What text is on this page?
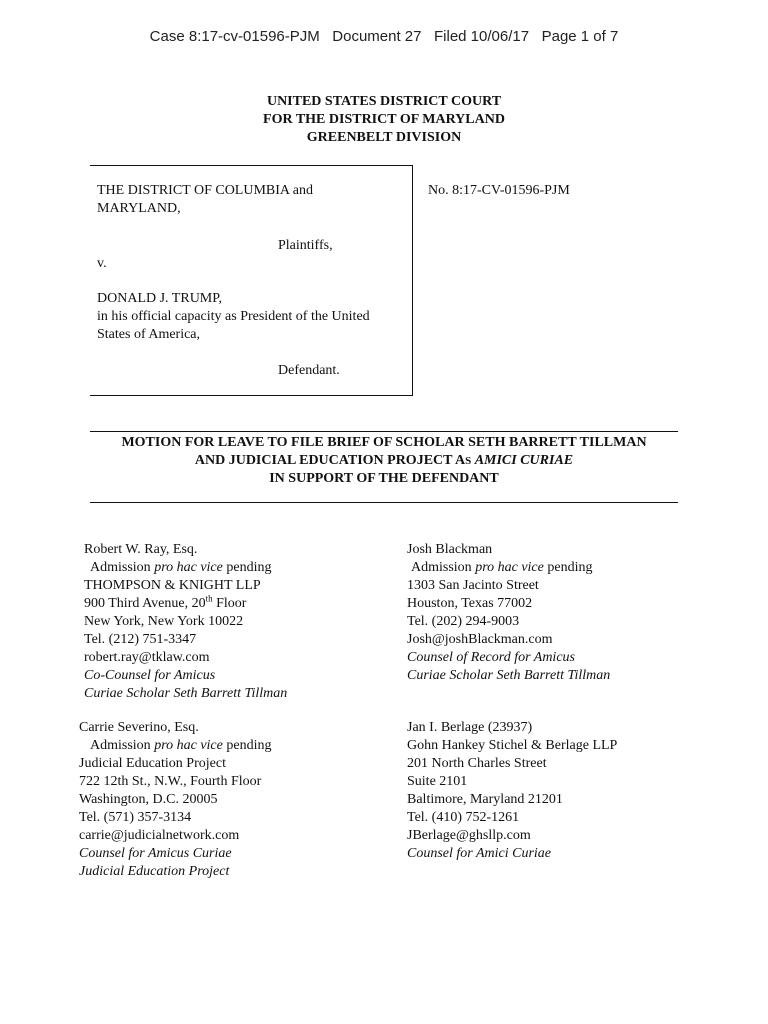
Case 8:17-cv-01596-PJM Document 27 Filed 10/06/17 Page 1 of 7
UNITED STATES DISTRICT COURT
FOR THE DISTRICT OF MARYLAND
GREENBELT DIVISION
THE DISTRICT OF COLUMBIA and
MARYLAND,
Plaintiffs,
v.
DONALD J. TRUMP,
in his official capacity as President of the United
States of America,
Defendant.
No. 8:17-CV-01596-PJM
MOTION FOR LEAVE TO FILE BRIEF OF SCHOLAR SETH BARRETT TILLMAN
AND JUDICIAL EDUCATION PROJECT AS AMICI CURIAE
IN SUPPORT OF THE DEFENDANT
Robert W. Ray, Esq.
Admission pro hac vice pending
THOMPSON & KNIGHT LLP
900 Third Avenue, 20th Floor
New York, New York 10022
Tel. (212) 751-3347
robert.ray@tklaw.com
Co-Counsel for Amicus
Curiae Scholar Seth Barrett Tillman
Josh Blackman
Admission pro hac vice pending
1303 San Jacinto Street
Houston, Texas 77002
Tel. (202) 294-9003
Josh@joshBlackman.com
Counsel of Record for Amicus
Curiae Scholar Seth Barrett Tillman
Carrie Severino, Esq.
Admission pro hac vice pending
Judicial Education Project
722 12th St., N.W., Fourth Floor
Washington, D.C. 20005
Tel. (571) 357-3134
carrie@judicialnetwork.com
Counsel for Amicus Curiae
Judicial Education Project
Jan I. Berlage (23937)
Gohn Hankey Stichel & Berlage LLP
201 North Charles Street
Suite 2101
Baltimore, Maryland 21201
Tel. (410) 752-1261
JBerlage@ghsllp.com
Counsel for Amici Curiae
